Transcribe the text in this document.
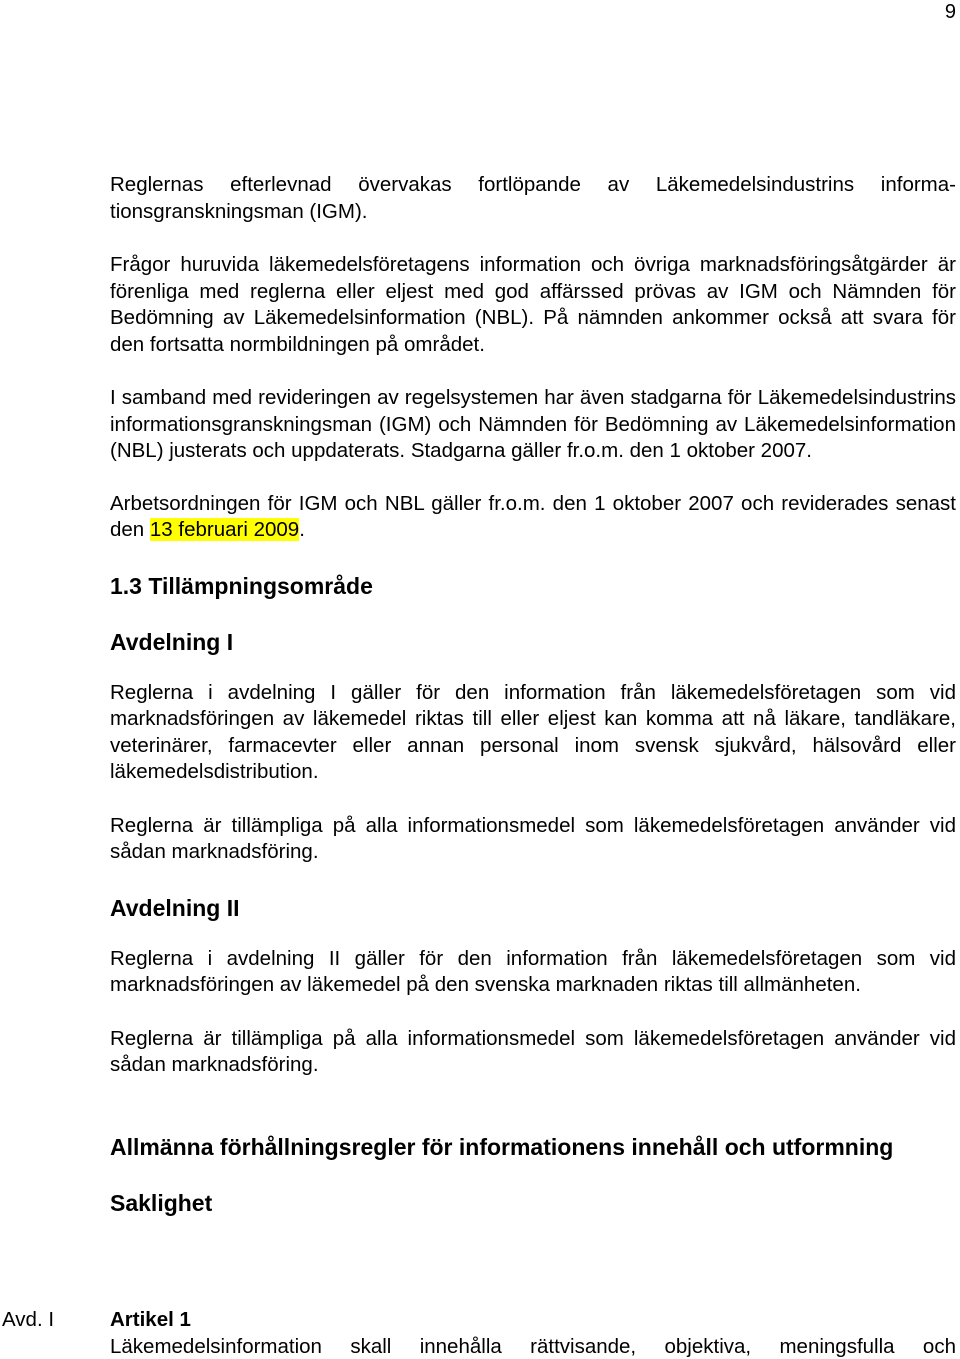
9

Reglernas efterlevnad övervakas fortlöpande av Läkemedelsindustrins informationsgranskningsman (IGM).

Frågor huruvida läkemedelsföretagens information och övriga marknadsföringsåtgärder är förenliga med reglerna eller eljest med god affärssed prövas av IGM och Nämnden för Bedömning av Läkemedelsinformation (NBL). På nämnden ankommer också att svara för den fortsatta normbildningen på området.

I samband med revideringen av regelsystemen har även stadgarna för Läkemedelsindustrins informationsgranskningsman (IGM) och Nämnden för Bedömning av Läkemedelsinformation (NBL) justerats och uppdaterats. Stadgarna gäller fr.o.m. den 1 oktober 2007.

Arbetsordningen för IGM och NBL gäller fr.o.m. den 1 oktober 2007 och reviderades senast den 13 februari 2009.

1.3 Tillämpningsområde
Avdelning I

Reglerna i avdelning I gäller för den information från läkemedelsföretagen som vid marknadsföringen av läkemedel riktas till eller eljest kan komma att nå läkare, tandläkare, veterinärer, farmacevter eller annan personal inom svensk sjukvård, hälsovård eller läkemedelsdistribution.

Reglerna är tillämpliga på alla informationsmedel som läkemedelsföretagen använder vid sådan marknadsföring.

Avdelning II

Reglerna i avdelning II gäller för den information från läkemedelsföretagen som vid marknadsföringen av läkemedel på den svenska marknaden riktas till allmänheten.

Reglerna är tillämpliga på alla informationsmedel som läkemedelsföretagen använder vid sådan marknadsföring.

Allmänna förhållningsregler för informationens innehåll och utformning
Saklighet
Avd. I	Artikel 1

Läkemedelsinformation skall innehålla rättvisande, objektiva, meningsfulla och
